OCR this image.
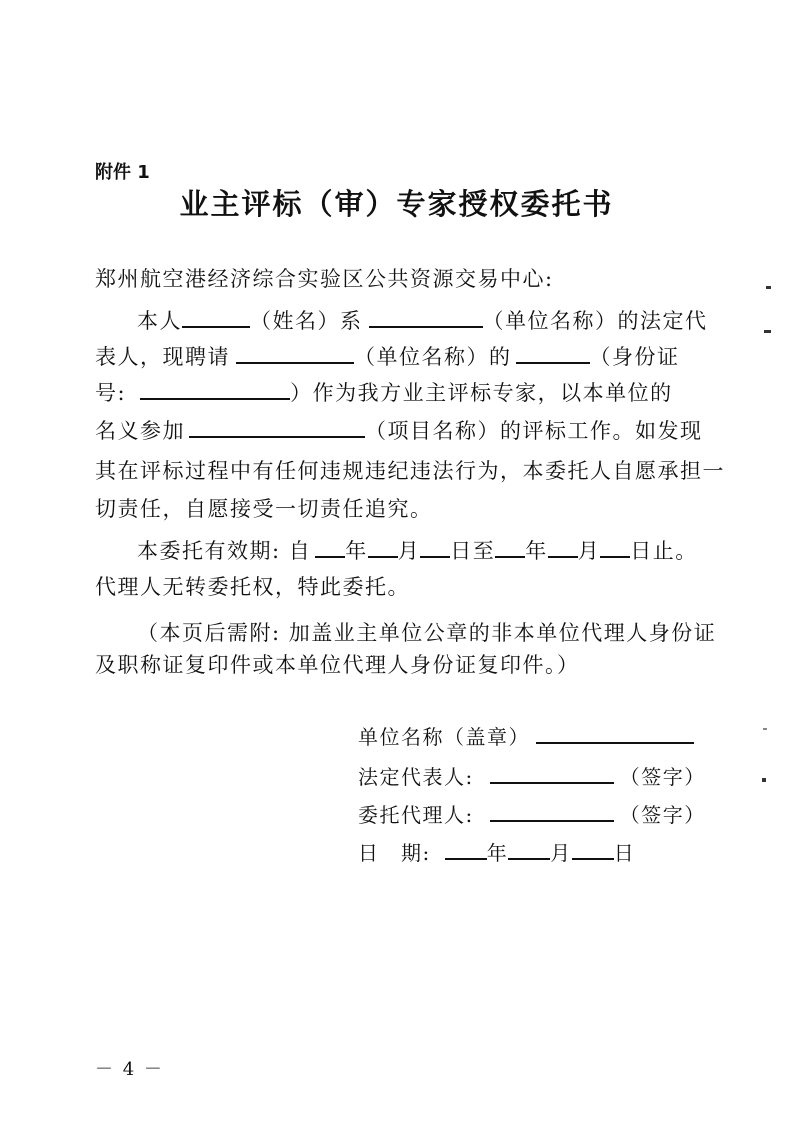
附件 1
业主评标（审）专家授权委托书
郑州航空港经济综合实验区公共资源交易中心:
本人	（姓名）系	（单位名称）的法定代
表人，现聘请	（单位名称）的	（身份证
号:	）作为我方业主评标专家，以本单位的
名义参加	（项目名称）的评标工作。如发现
其在评标过程中有任何违规违纪违法行为，本委托人自愿承担一
切责任，自愿接受一切责任追究。
本委托有效期: 自 年 月 日至 年 月 日止。
代理人无转委托权，特此委托。
（本页后需附: 加盖业主单位公章的非本单位代理人身份证
及职称证复印件或本单位代理人身份证复印件。）
单位名称（盖章）
法定代表人:	（签字）
委托代理人:	（签字）
日　期:	年 月 日
－ 4 －
